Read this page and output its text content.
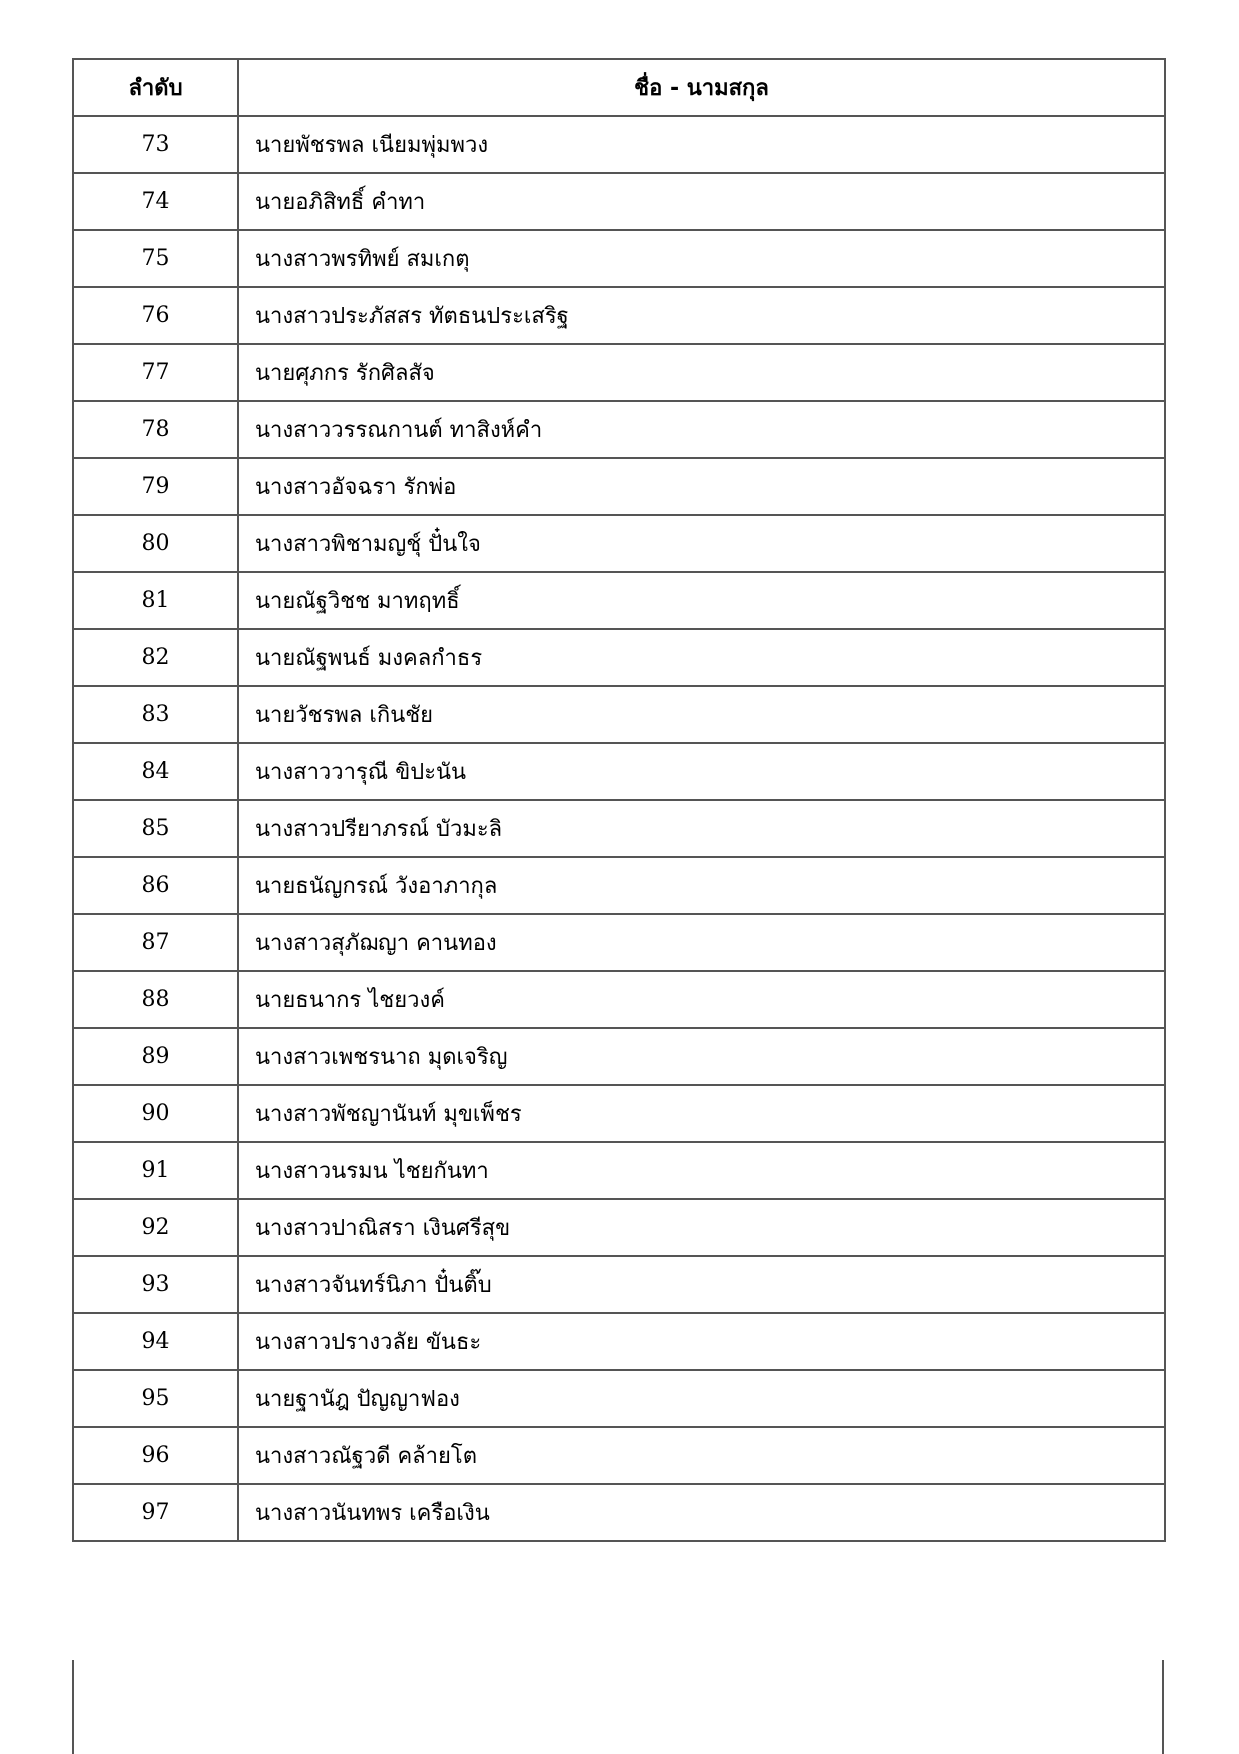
ลำดับ	ชื่อ - นามสกุล
73	นายพัชรพล เนียมพุ่มพวง
74	นายอภิสิทธิ์ คำทา
75	นางสาวพรทิพย์ สมเกตุ
76	นางสาวประภัสสร ทัตธนประเสริฐ
77	นายศุภกร รักศิลสัจ
78	นางสาววรรณกานต์ ทาสิงห์คำ
79	นางสาวอัจฉรา รักพ่อ
80	นางสาวพิชามญชุ์ ปั๋นใจ
81	นายณัฐวิชช มาทฤทธิ์
82	นายณัฐพนธ์ มงคลกำธร
83	นายวัชรพล เกินชัย
84	นางสาววารุณี ขิปะนัน
85	นางสาวปรียาภรณ์ บัวมะลิ
86	นายธนัญกรณ์ วังอาภากุล
87	นางสาวสุภัฌญา คานทอง
88	นายธนากร ไชยวงค์
89	นางสาวเพชรนาถ มุดเจริญ
90	นางสาวพัชญานันท์ มุขเพ็ชร
91	นางสาวนรมน ไชยกันทา
92	นางสาวปาณิสรา เงินศรีสุข
93	นางสาวจันทร์นิภา ปั๋นติ๊บ
94	นางสาวปรางวลัย ขันธะ
95	นายฐานัฎ ปัญญาฟอง
96	นางสาวณัฐวดี คล้ายโต
97	นางสาวนันทพร เครือเงิน
